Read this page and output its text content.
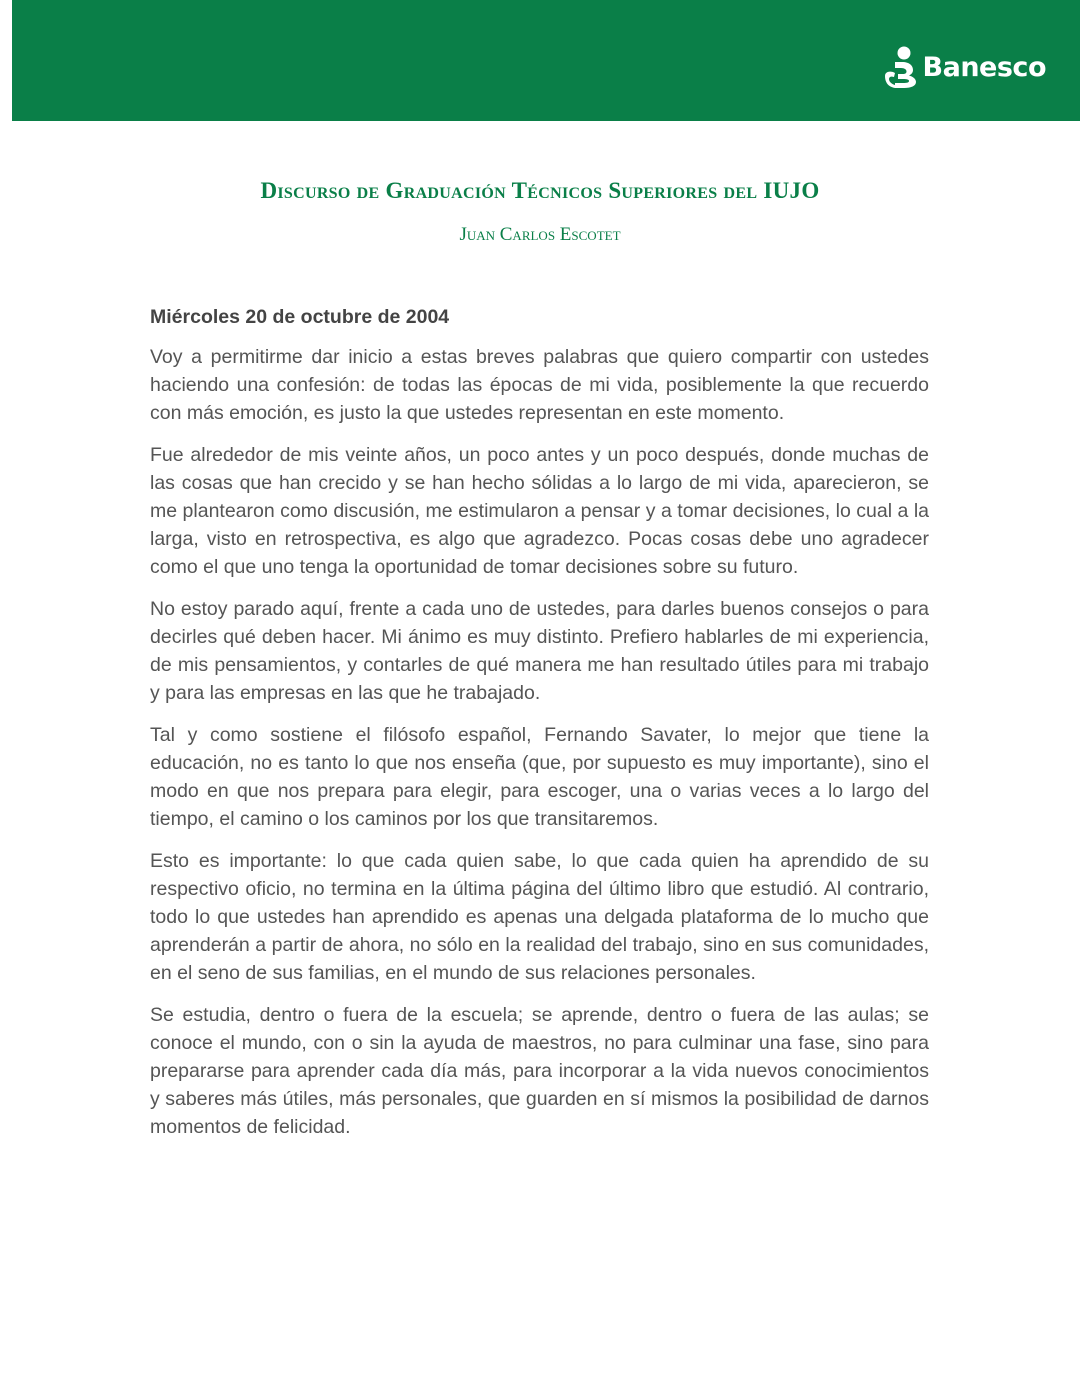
Banesco
Discurso de Graduación Técnicos Superiores del IUJO
Juan Carlos Escotet

Miércoles 20 de octubre de 2004

Voy a permitirme dar inicio a estas breves palabras que quiero compartir con ustedes haciendo una confesión: de todas las épocas de mi vida, posiblemente la que recuerdo con más emoción, es justo la que ustedes representan en este momento.

Fue alrededor de mis veinte años, un poco antes y un poco después, donde muchas de las cosas que han crecido y se han hecho sólidas a lo largo de mi vida, aparecieron, se me plantearon como discusión, me estimularon a pensar y a tomar decisiones, lo cual a la larga, visto en retrospectiva, es algo que agradezco. Pocas cosas debe uno agradecer como el que uno tenga la oportunidad de tomar decisiones sobre su futuro.

No estoy parado aquí, frente a cada uno de ustedes, para darles buenos consejos o para decirles qué deben hacer. Mi ánimo es muy distinto. Prefiero hablarles de mi experiencia, de mis pensamientos, y contarles de qué manera me han resultado útiles para mi trabajo y para las empresas en las que he trabajado.

Tal y como sostiene el filósofo español, Fernando Savater, lo mejor que tiene la educación, no es tanto lo que nos enseña (que, por supuesto es muy importante), sino el modo en que nos prepara para elegir, para escoger, una o varias veces a lo largo del tiempo, el camino o los caminos por los que transitaremos.

Esto es importante: lo que cada quien sabe, lo que cada quien ha aprendido de su respectivo oficio, no termina en la última página del último libro que estudió. Al contrario, todo lo que ustedes han aprendido es apenas una delgada plataforma de lo mucho que aprenderán a partir de ahora, no sólo en la realidad del trabajo, sino en sus comunidades, en el seno de sus familias, en el mundo de sus relaciones personales.

Se estudia, dentro o fuera de la escuela; se aprende, dentro o fuera de las aulas; se conoce el mundo, con o sin la ayuda de maestros, no para culminar una fase, sino para prepararse para aprender cada día más, para incorporar a la vida nuevos conocimientos y saberes más útiles, más personales, que guarden en sí mismos la posibilidad de darnos momentos de felicidad.
